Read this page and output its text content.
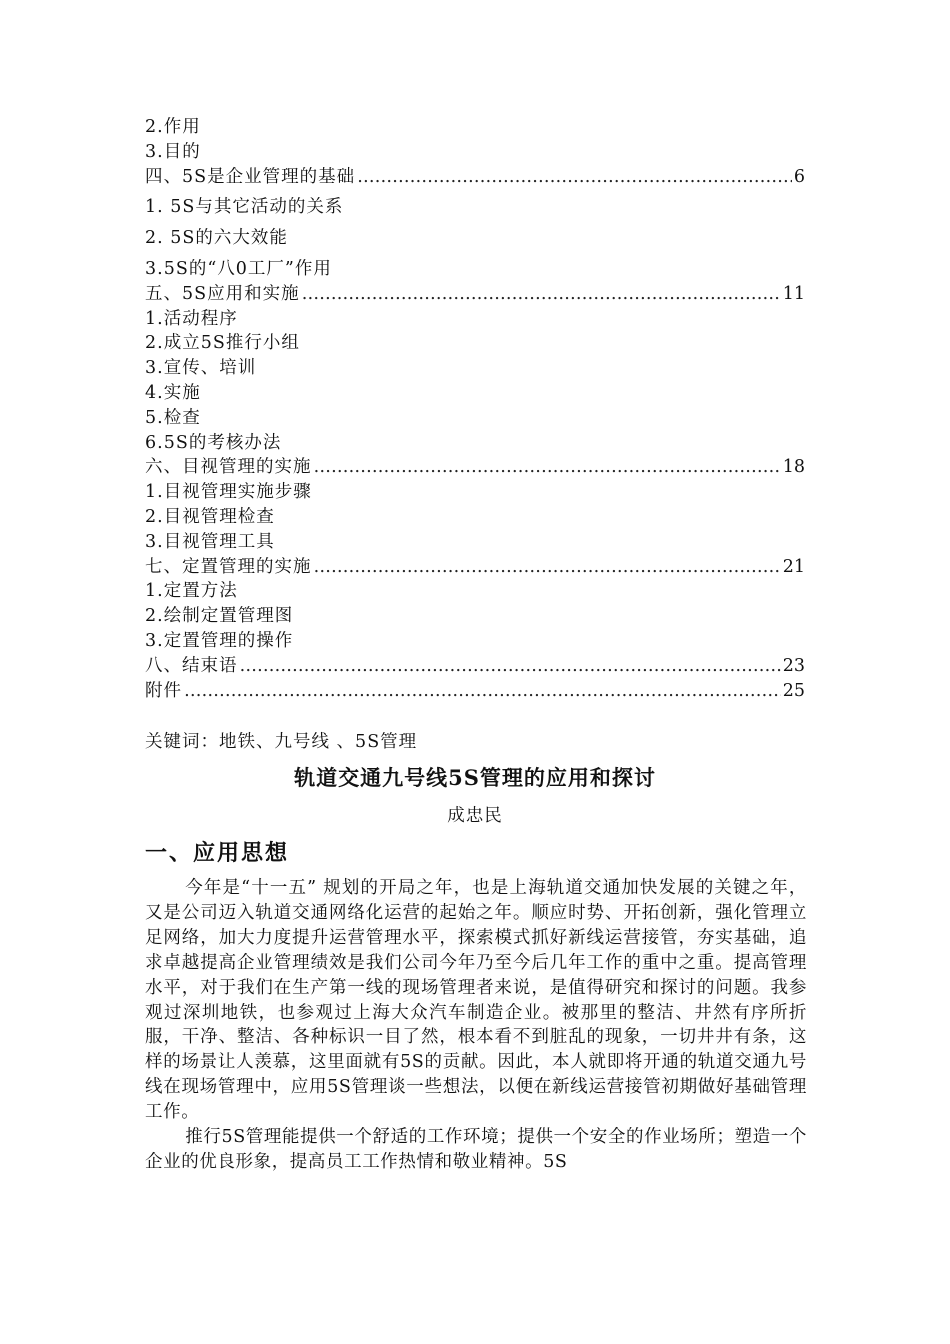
2.作用
3.目的
四、5S是企业管理的基础 …………………………………………………………………………………………………………………………………………………………	6
1. 5S与其它活动的关系
2. 5S的六大效能
3.5S的“八0工厂”作用
五、5S应用和实施 …………………………………………………………………………………………………………………………………………………………	11
1.活动程序
2.成立5S推行小组
3.宣传、培训
4.实施
5.检查
6.5S的考核办法
六、目视管理的实施 …………………………………………………………………………………………………………………………………………………………	18
1.目视管理实施步骤
2.目视管理检查
3.目视管理工具
七、定置管理的实施 …………………………………………………………………………………………………………………………………………………………	21
1.定置方法
2.绘制定置管理图
3.定置管理的操作
八、结束语 …………………………………………………………………………………………………………………………………………………………	23
附件 …………………………………………………………………………………………………………………………………………………………	25
关键词：地铁、九号线 、5S管理
轨道交通九号线5S管理的应用和探讨
成忠民
一、应用思想

今年是“十一五” 规划的开局之年，也是上海轨道交通加快发展的关键之年，又是公司迈入轨道交通网络化运营的起始之年。顺应时势、开拓创新，强化管理立足网络，加大力度提升运营管理水平，探索模式抓好新线运营接管，夯实基础，追求卓越提高企业管理绩效是我们公司今年乃至今后几年工作的重中之重。提高管理水平，对于我们在生产第一线的现场管理者来说，是值得研究和探讨的问题。我参观过深圳地铁，也参观过上海大众汽车制造企业。被那里的整洁、井然有序所折服，干净、整洁、各种标识一目了然，根本看不到脏乱的现象，一切井井有条，这样的场景让人羡慕，这里面就有5S的贡献。因此，本人就即将开通的轨道交通九号线在现场管理中，应用5S管理谈一些想法，以便在新线运营接管初期做好基础管理工作。

推行5S管理能提供一个舒适的工作环境；提供一个安全的作业场所；塑造一个企业的优良形象，提高员工工作热情和敬业精神。5S
